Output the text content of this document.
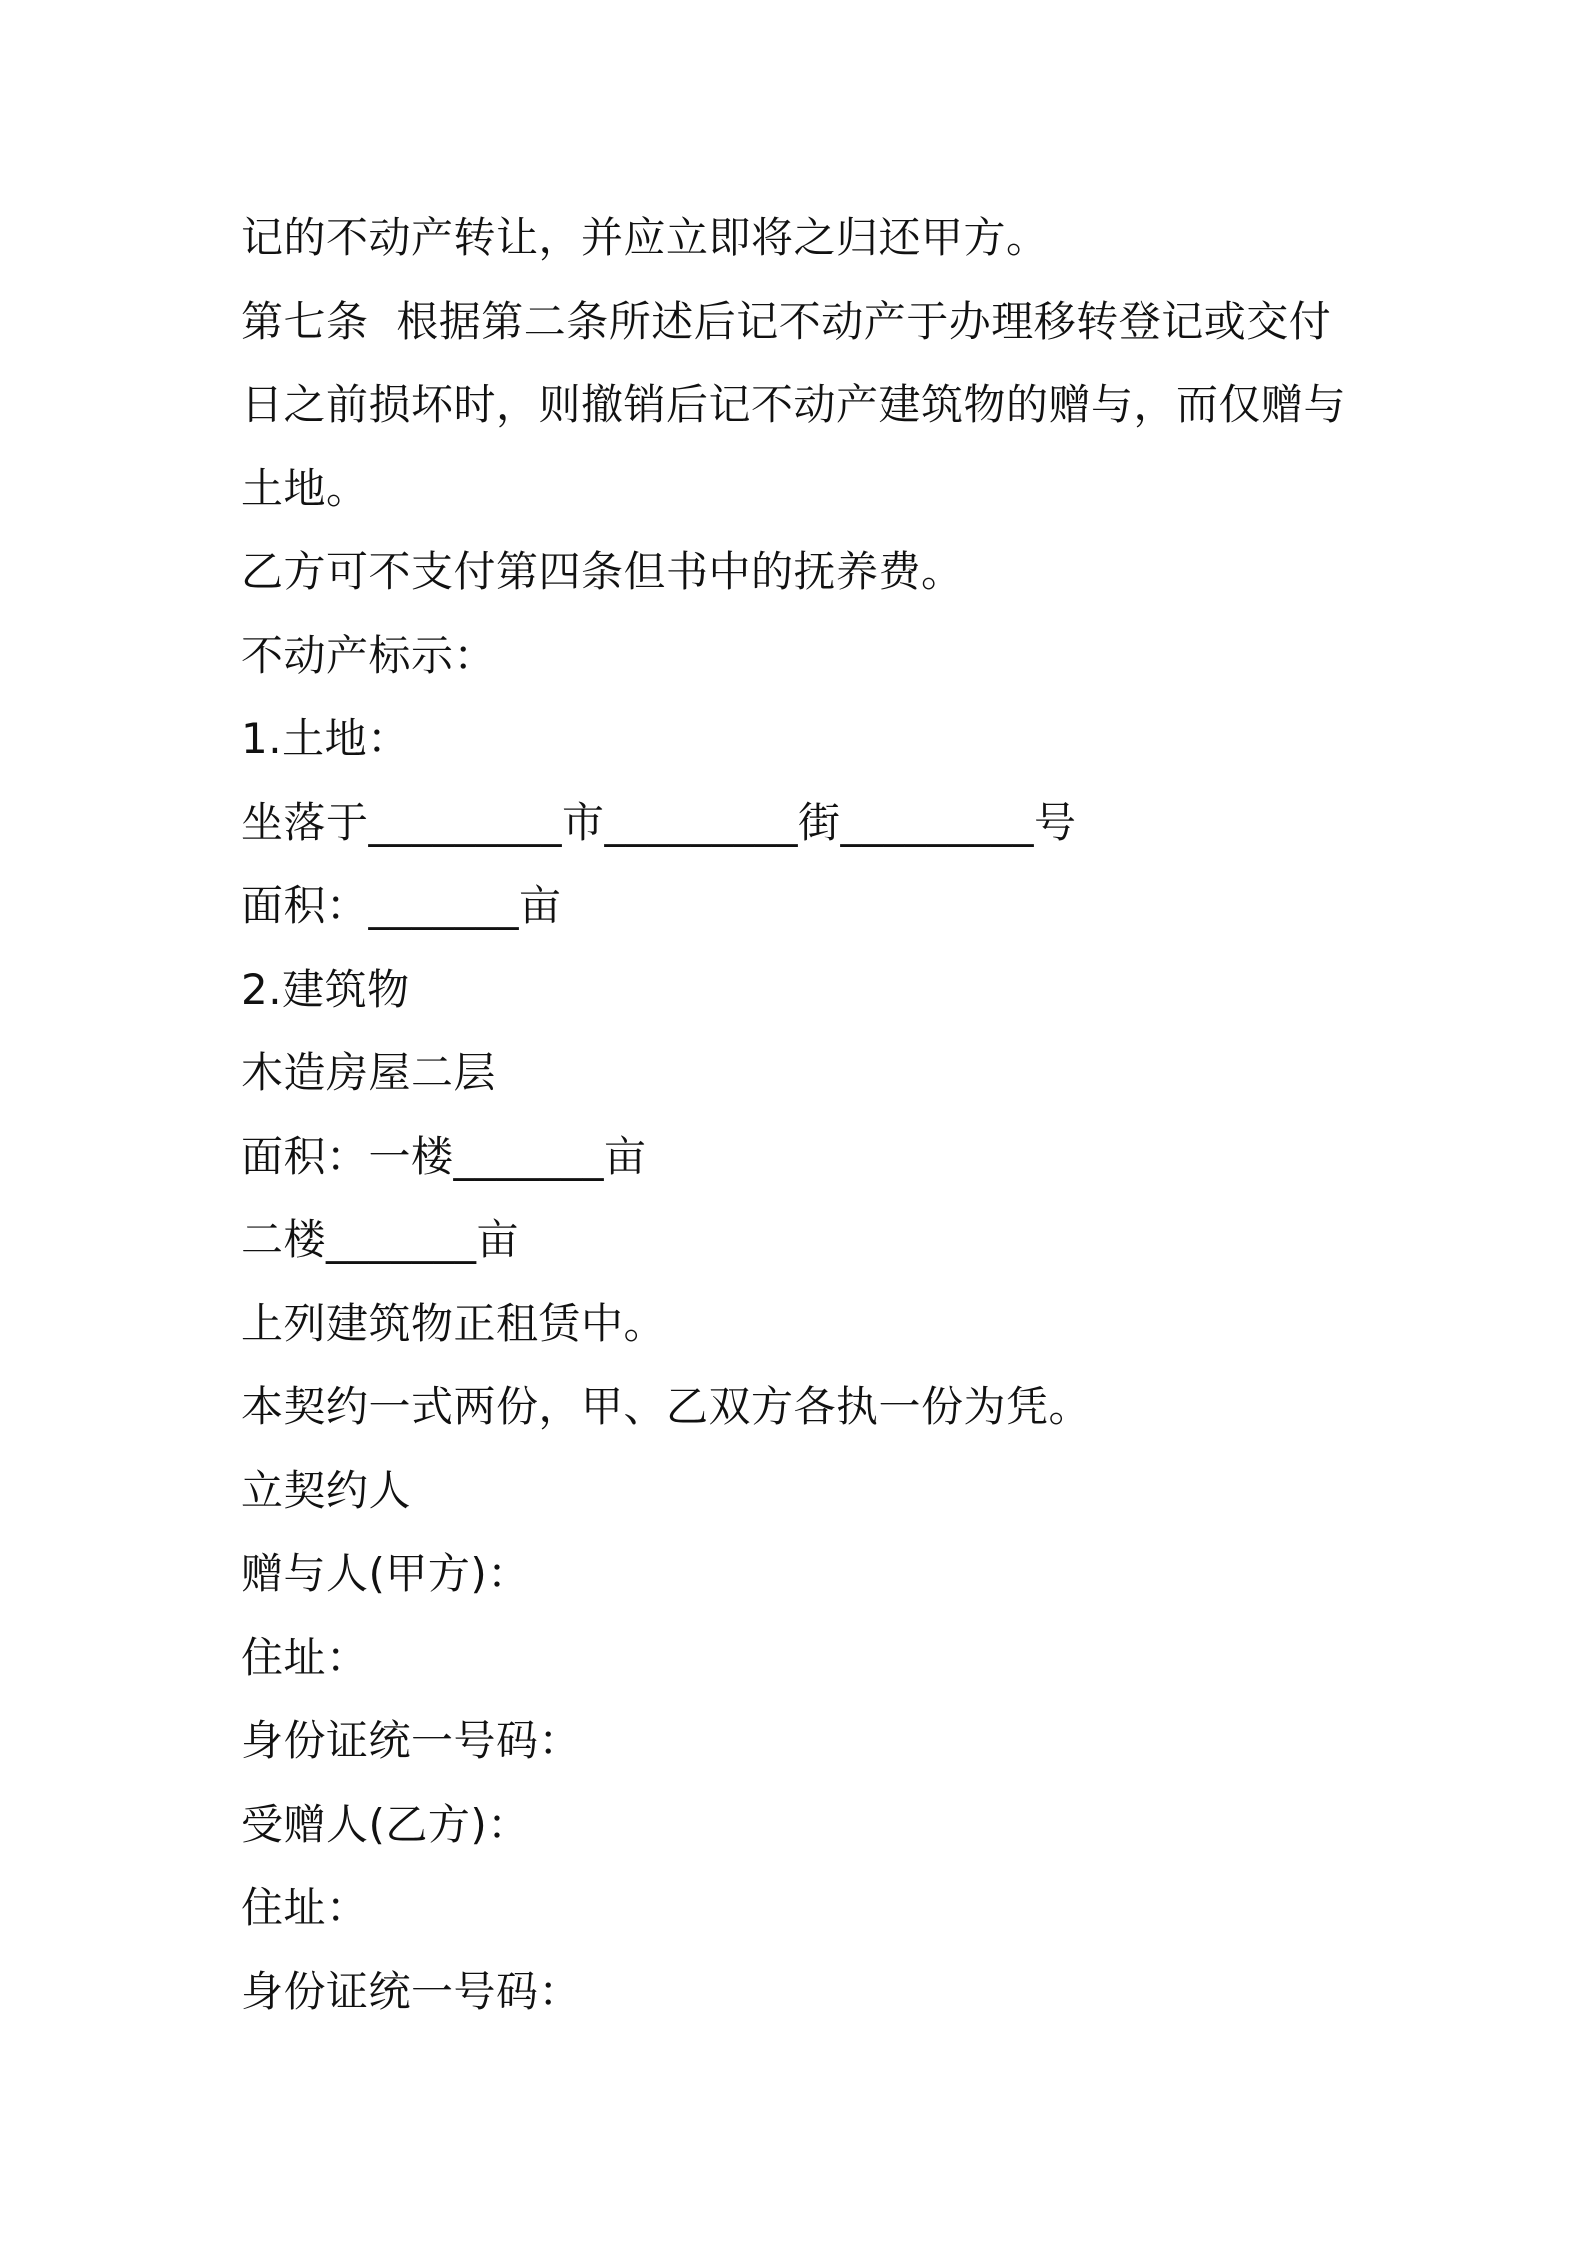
记的不动产转让，并应立即将之归还甲方。
第七条  根据第二条所述后记不动产于办理移转登记或交付
日之前损坏时，则撤销后记不动产建筑物的赠与，而仅赠与
土地。
乙方可不支付第四条但书中的抚养费。
不动产标示：
1.土地：
坐落于_________市_________街_________号
面积：_______亩
2.建筑物
木造房屋二层
面积：一楼_______亩
二楼_______亩
上列建筑物正租赁中。
本契约一式两份，甲、乙双方各执一份为凭。
立契约人
赠与人(甲方)：
住址：
身份证统一号码：
受赠人(乙方)：
住址：
身份证统一号码：
